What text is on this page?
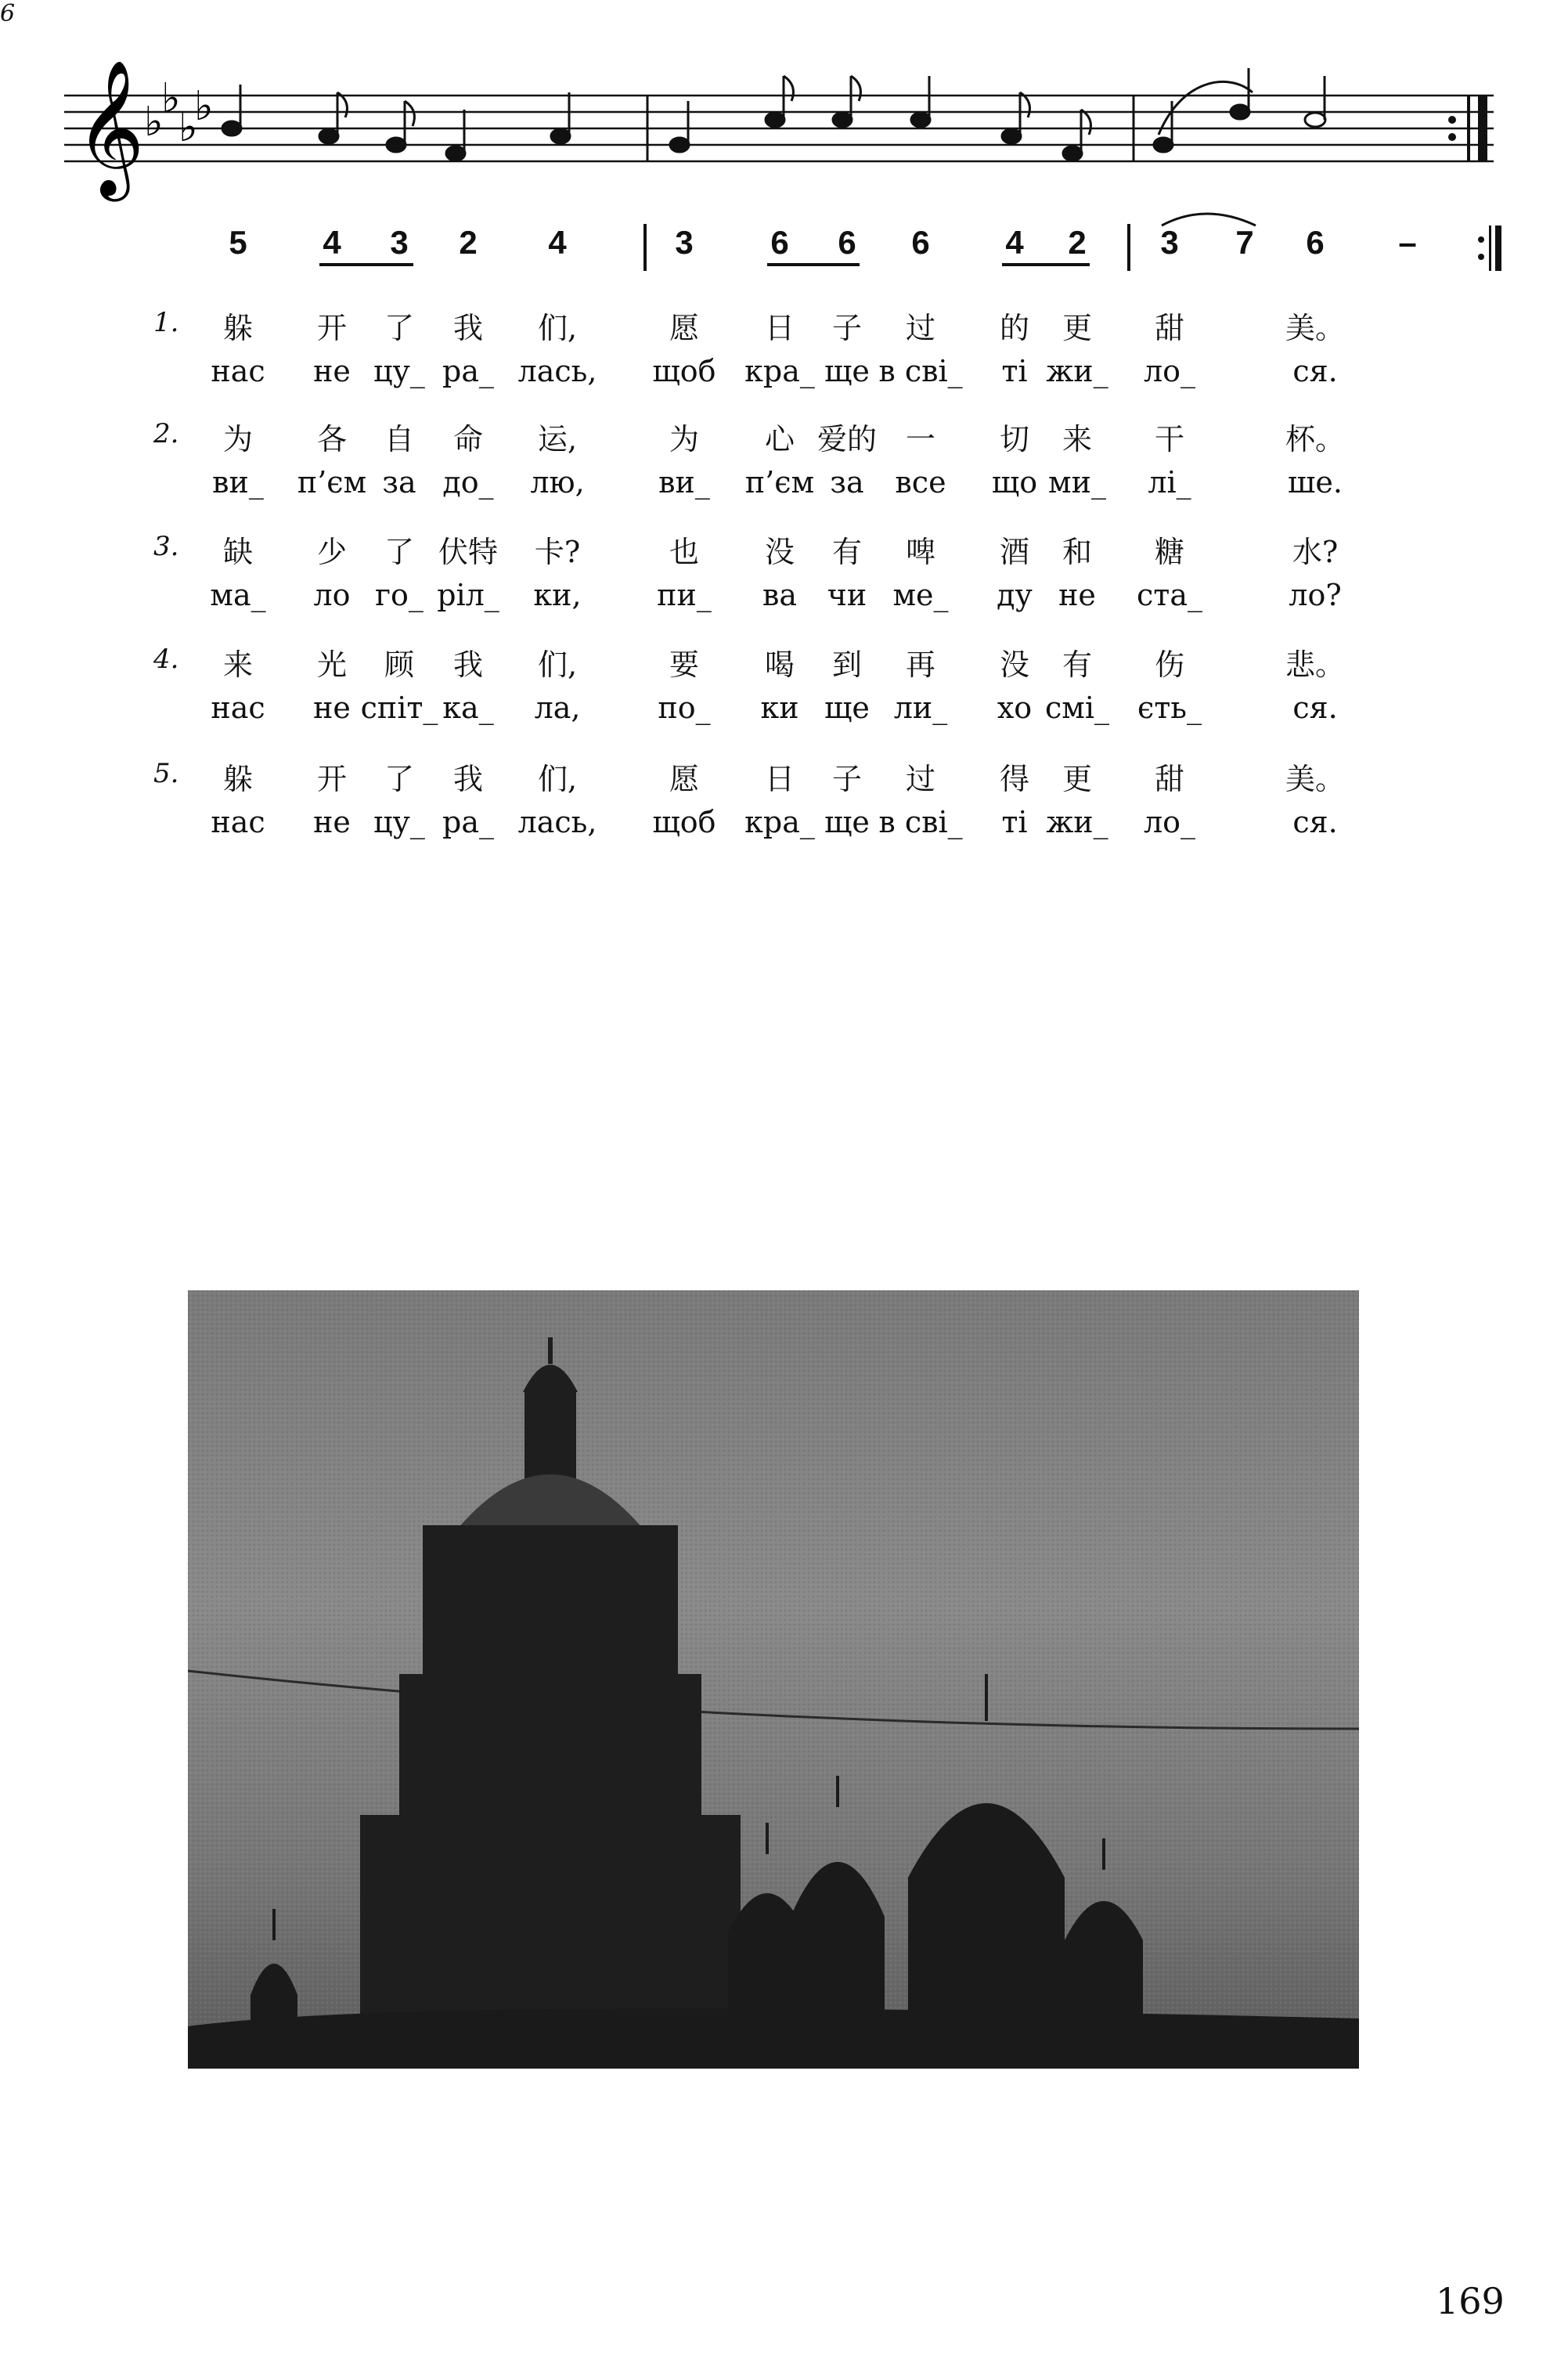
6
𝄞 ♭
♭
♭
♭
5 4 3 2 4	3 6 6 6 4 2 3 7 6 –
1. 躲 开 了 我 们,	愿 日 子 过 的 更 甜	美。
нас не цу_ ра_ лась, щоб кра_ ще в сві_ ті жи_ ло_	ся.
2. 为 各 自 命 运,	为 心 爱的 一 切 来 干	杯。
ви_ п’єм за до_ лю, ви_ п’єм за все що ми_ лі_	ше.
3. 缺 少 了 伏特 卡?	也 没 有 啤 酒 和 糖	水?
ма_ ло го_ ріл_ ки,	пи_ ва чи ме_ ду не ста_	ло?
4. 来 光 顾 我 们,	要 喝 到 再 没 有 伤	悲。
нас не спіт_ ка_ ла,	по_ ки ще ли_ хо смі_ єть_	ся.
5. 躲 开 了 我 们,	愿 日 子 过 得 更 甜	美。
нас не цу_ ра_ лась, щоб кра_ ще в сві_ ті жи_ ло_	ся.
169
